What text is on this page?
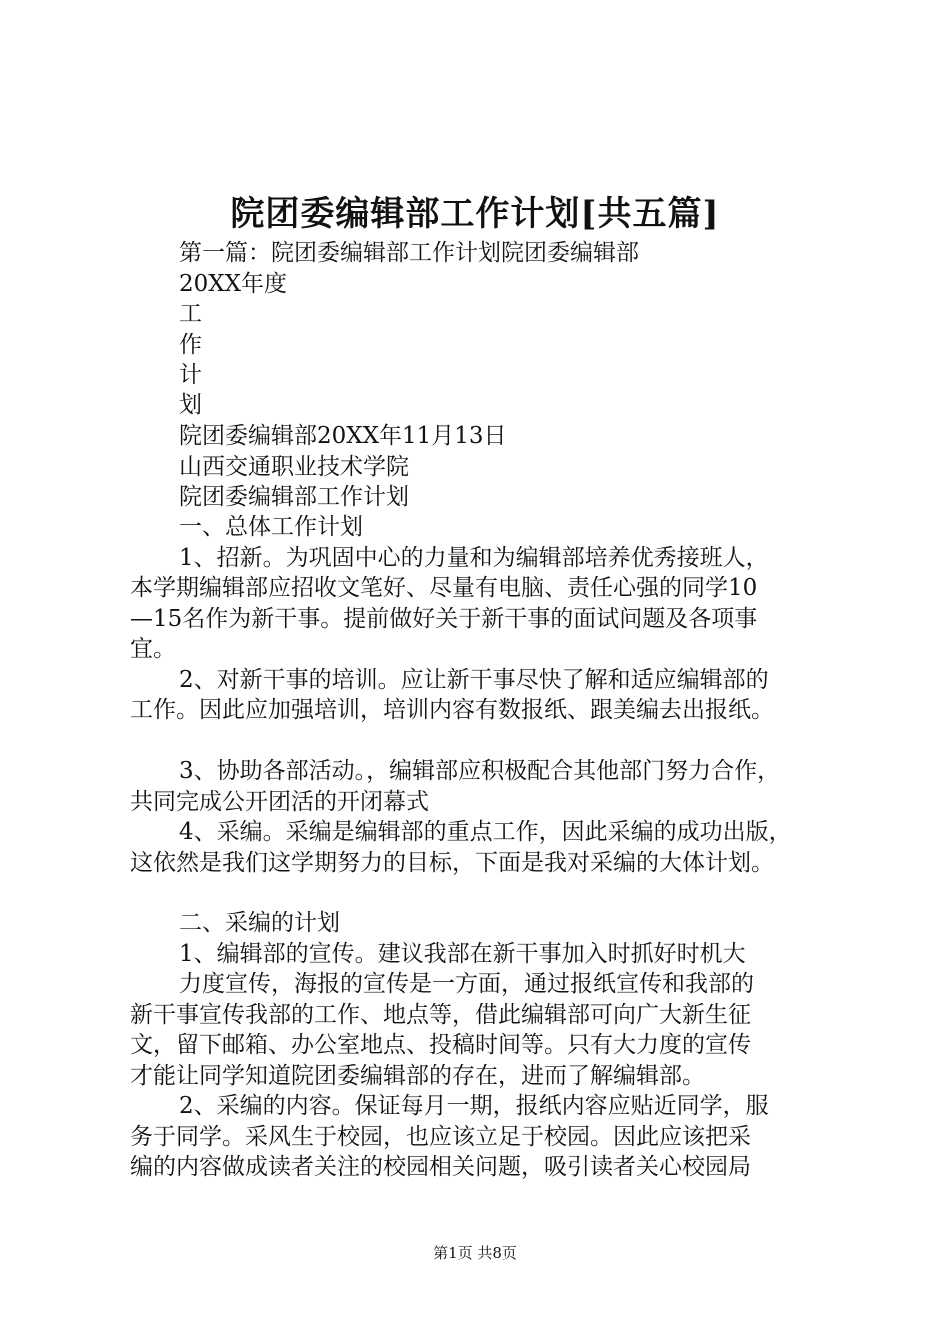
院团委编辑部工作计划[共五篇]
第一篇：院团委编辑部工作计划院团委编辑部
20XX年度
工
作
计
划
院团委编辑部20XX年11月13日
山西交通职业技术学院
院团委编辑部工作计划
一、总体工作计划
1、招新。为巩固中心的力量和为编辑部培养优秀接班人，
本学期编辑部应招收文笔好、尽量有电脑、责任心强的同学10
—15名作为新干事。提前做好关于新干事的面试问题及各项事
宜。
2、对新干事的培训。应让新干事尽快了解和适应编辑部的
工作。因此应加强培训，培训内容有数报纸、跟美编去出报纸。
3、协助各部活动。，编辑部应积极配合其他部门努力合作，
共同完成公开团活的开闭幕式
4、采编。采编是编辑部的重点工作，因此采编的成功出版，
这依然是我们这学期努力的目标，下面是我对采编的大体计划。
二、采编的计划
1、编辑部的宣传。建议我部在新干事加入时抓好时机大
力度宣传，海报的宣传是一方面，通过报纸宣传和我部的
新干事宣传我部的工作、地点等，借此编辑部可向广大新生征
文，留下邮箱、办公室地点、投稿时间等。只有大力度的宣传
才能让同学知道院团委编辑部的存在，进而了解编辑部。
2、采编的内容。保证每月一期，报纸内容应贴近同学，服
务于同学。采风生于校园，也应该立足于校园。因此应该把采
编的内容做成读者关注的校园相关问题，吸引读者关心校园局
第1页 共8页
